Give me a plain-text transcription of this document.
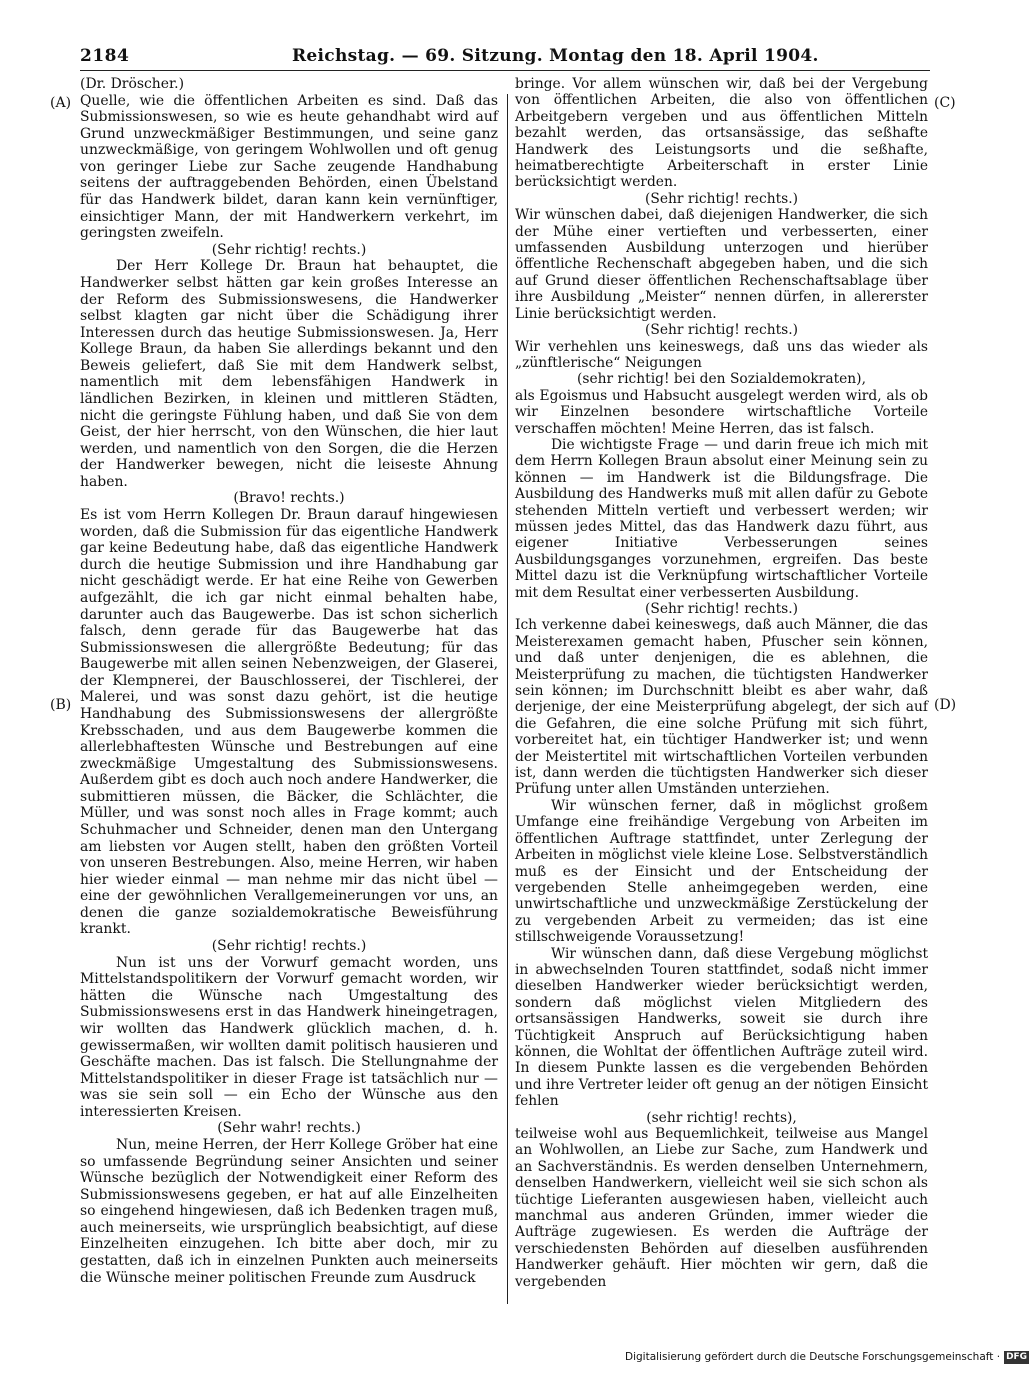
2184	Reichstag. — 69. Sitzung. Montag den 18. April 1904.
(A)
(B)
(C)
(D)

(Dr. Dröscher.)

Quelle, wie die öffentlichen Arbeiten es sind. Daß das Submissionswesen, so wie es heute gehandhabt wird auf Grund unzweckmäßiger Bestimmungen, und seine ganz unzweckmäßige, von geringem Wohlwollen und oft genug von geringer Liebe zur Sache zeugende Handhabung seitens der auftraggebenden Behörden, einen Übelstand für das Handwerk bildet, daran kann kein vernünftiger, einsichtiger Mann, der mit Handwerkern verkehrt, im geringsten zweifeln.

(Sehr richtig! rechts.)

Der Herr Kollege Dr. Braun hat behauptet, die Handwerker selbst hätten gar kein großes Interesse an der Reform des Submissionswesens, die Handwerker selbst klagten gar nicht über die Schädigung ihrer Interessen durch das heutige Submissionswesen. Ja, Herr Kollege Braun, da haben Sie allerdings bekannt und den Beweis geliefert, daß Sie mit dem Handwerk selbst, namentlich mit dem lebensfähigen Handwerk in ländlichen Bezirken, in kleinen und mittleren Städten, nicht die geringste Fühlung haben, und daß Sie von dem Geist, der hier herrscht, von den Wünschen, die hier laut werden, und namentlich von den Sorgen, die die Herzen der Handwerker bewegen, nicht die leiseste Ahnung haben.

(Bravo! rechts.)

Es ist vom Herrn Kollegen Dr. Braun darauf hingewiesen worden, daß die Submission für das eigentliche Handwerk gar keine Bedeutung habe, daß das eigentliche Handwerk durch die heutige Submission und ihre Handhabung gar nicht geschädigt werde. Er hat eine Reihe von Gewerben aufgezählt, die ich gar nicht einmal behalten habe, darunter auch das Baugewerbe. Das ist schon sicherlich falsch, denn gerade für das Baugewerbe hat das Submissionswesen die allergrößte Bedeutung; für das Baugewerbe mit allen seinen Nebenzweigen, der Glaserei, der Klempnerei, der Bauschlosserei, der Tischlerei, der Malerei, und was sonst dazu gehört, ist die heutige Handhabung des Submissionswesens der allergrößte Krebsschaden, und aus dem Baugewerbe kommen die allerlebhaftesten Wünsche und Bestrebungen auf eine zweckmäßige Umgestaltung des Submissionswesens. Außerdem gibt es doch auch noch andere Handwerker, die submittieren müssen, die Bäcker, die Schlächter, die Müller, und was sonst noch alles in Frage kommt; auch Schuhmacher und Schneider, denen man den Untergang am liebsten vor Augen stellt, haben den größten Vorteil von unseren Bestrebungen. Also, meine Herren, wir haben hier wieder einmal — man nehme mir das nicht übel — eine der gewöhnlichen Verallgemeinerungen vor uns, an denen die ganze sozialdemokratische Beweisführung krankt.

(Sehr richtig! rechts.)

Nun ist uns der Vorwurf gemacht worden, uns Mittelstandspolitikern der Vorwurf gemacht worden, wir hätten die Wünsche nach Umgestaltung des Submissionswesens erst in das Handwerk hineingetragen, wir wollten das Handwerk glücklich machen, d. h. gewissermaßen, wir wollten damit politisch hausieren und Geschäfte machen. Das ist falsch. Die Stellungnahme der Mittelstandspolitiker in dieser Frage ist tatsächlich nur — was sie sein soll — ein Echo der Wünsche aus den interessierten Kreisen.

(Sehr wahr! rechts.)

Nun, meine Herren, der Herr Kollege Gröber hat eine so umfassende Begründung seiner Ansichten und seiner Wünsche bezüglich der Notwendigkeit einer Reform des Submissionswesens gegeben, er hat auf alle Einzelheiten so eingehend hingewiesen, daß ich Bedenken tragen muß, auch meinerseits, wie ursprünglich beabsichtigt, auf diese Einzelheiten einzugehen. Ich bitte aber doch, mir zu gestatten, daß ich in einzelnen Punkten auch meinerseits die Wünsche meiner politischen Freunde zum Ausdruck

bringe. Vor allem wünschen wir, daß bei der Vergebung von öffentlichen Arbeiten, die also von öffentlichen Arbeitgebern vergeben und aus öffentlichen Mitteln bezahlt werden, das ortsansässige, das seßhafte Handwerk des Leistungsorts und die seßhafte, heimatberechtigte Arbeiterschaft in erster Linie berücksichtigt werden.

(Sehr richtig! rechts.)

Wir wünschen dabei, daß diejenigen Handwerker, die sich der Mühe einer vertieften und verbesserten, einer umfassenden Ausbildung unterzogen und hierüber öffentliche Rechenschaft abgegeben haben, und die sich auf Grund dieser öffentlichen Rechenschaftsablage über ihre Ausbildung „Meister“ nennen dürfen, in allererster Linie berücksichtigt werden.

(Sehr richtig! rechts.)

Wir verhehlen uns keineswegs, daß uns das wieder als „zünftlerische“ Neigungen

(sehr richtig! bei den Sozialdemokraten),

als Egoismus und Habsucht ausgelegt werden wird, als ob wir Einzelnen besondere wirtschaftliche Vorteile verschaffen möchten! Meine Herren, das ist falsch.

Die wichtigste Frage — und darin freue ich mich mit dem Herrn Kollegen Braun absolut einer Meinung sein zu können — im Handwerk ist die Bildungsfrage. Die Ausbildung des Handwerks muß mit allen dafür zu Gebote stehenden Mitteln vertieft und verbessert werden; wir müssen jedes Mittel, das das Handwerk dazu führt, aus eigener Initiative Verbesserungen seines Ausbildungsganges vorzunehmen, ergreifen. Das beste Mittel dazu ist die Verknüpfung wirtschaftlicher Vorteile mit dem Resultat einer verbesserten Ausbildung.

(Sehr richtig! rechts.)

Ich verkenne dabei keineswegs, daß auch Männer, die das Meisterexamen gemacht haben, Pfuscher sein können, und daß unter denjenigen, die es ablehnen, die Meisterprüfung zu machen, die tüchtigsten Handwerker sein können; im Durchschnitt bleibt es aber wahr, daß derjenige, der eine Meisterprüfung abgelegt, der sich auf die Gefahren, die eine solche Prüfung mit sich führt, vorbereitet hat, ein tüchtiger Handwerker ist; und wenn der Meistertitel mit wirtschaftlichen Vorteilen verbunden ist, dann werden die tüchtigsten Handwerker sich dieser Prüfung unter allen Umständen unterziehen.

Wir wünschen ferner, daß in möglichst großem Umfange eine freihändige Vergebung von Arbeiten im öffentlichen Auftrage stattfindet, unter Zerlegung der Arbeiten in möglichst viele kleine Lose. Selbstverständlich muß es der Einsicht und der Entscheidung der vergebenden Stelle anheimgegeben werden, eine unwirtschaftliche und unzweckmäßige Zerstückelung der zu vergebenden Arbeit zu vermeiden; das ist eine stillschweigende Voraussetzung!

Wir wünschen dann, daß diese Vergebung möglichst in abwechselnden Touren stattfindet, sodaß nicht immer dieselben Handwerker wieder berücksichtigt werden, sondern daß möglichst vielen Mitgliedern des ortsansässigen Handwerks, soweit sie durch ihre Tüchtigkeit Anspruch auf Berücksichtigung haben können, die Wohltat der öffentlichen Aufträge zuteil wird. In diesem Punkte lassen es die vergebenden Behörden und ihre Vertreter leider oft genug an der nötigen Einsicht fehlen

(sehr richtig! rechts),

teilweise wohl aus Bequemlichkeit, teilweise aus Mangel an Wohlwollen, an Liebe zur Sache, zum Handwerk und an Sachverständnis. Es werden denselben Unternehmern, denselben Handwerkern, vielleicht weil sie sich schon als tüchtige Lieferanten ausgewiesen haben, vielleicht auch manchmal aus anderen Gründen, immer wieder die Aufträge zugewiesen. Es werden die Aufträge der verschiedensten Behörden auf dieselben ausführenden Handwerker gehäuft. Hier möchten wir gern, daß die vergebenden

Digitalisierung gefördert durch die Deutsche Forschungsgemeinschaft · DFG
